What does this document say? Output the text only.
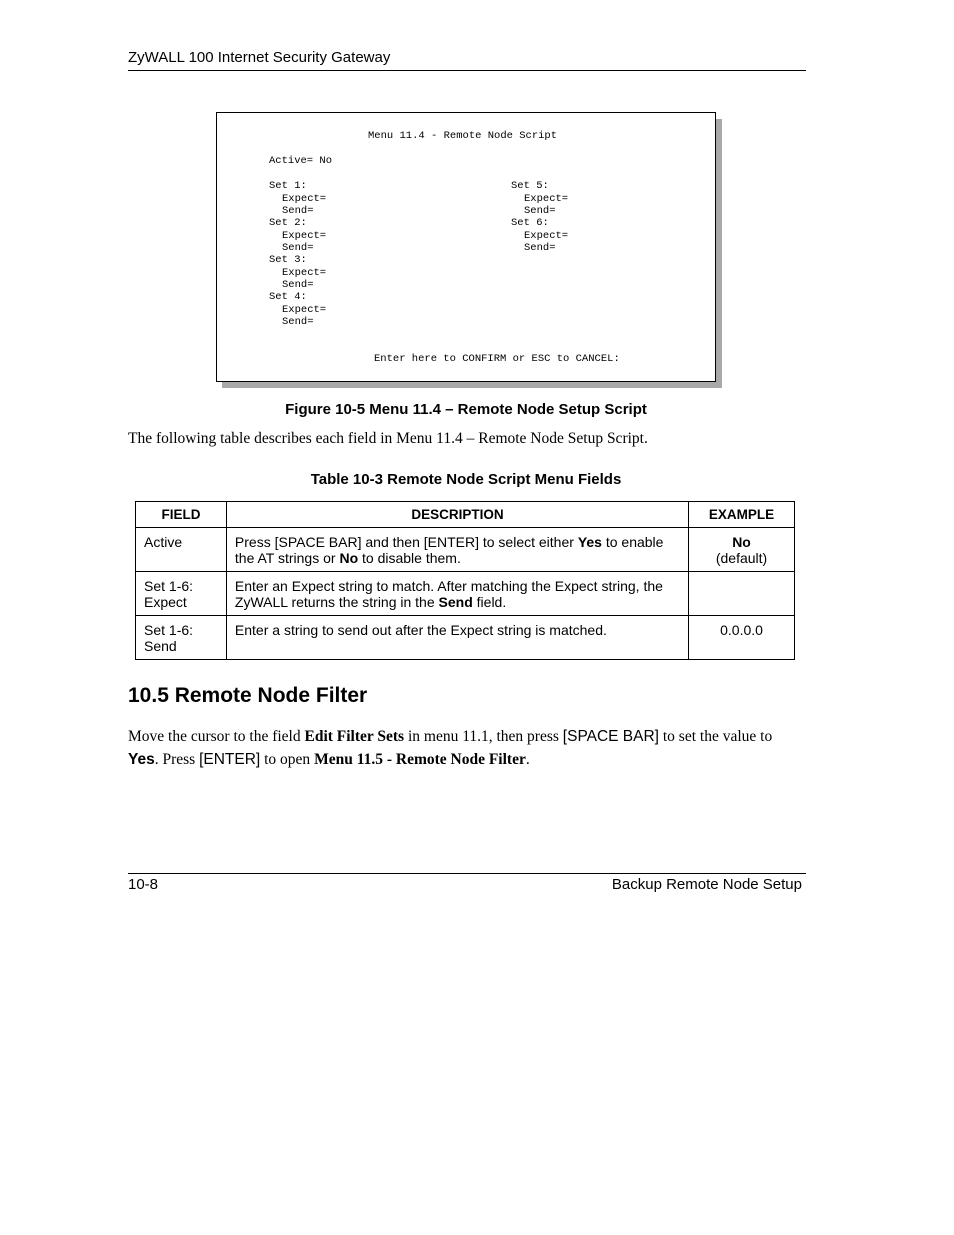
ZyWALL 100 Internet Security Gateway
Menu 11.4 - Remote Node Script
Active= No
Set 1:
Expect=
Send=
Set 2:
Expect=
Send=
Set 3:
Expect=
Send=
Set 4:
Expect=
Send=
Set 5:
Expect=
Send=
Set 6:
Expect=
Send=
Enter here to CONFIRM or ESC to CANCEL:
Figure 10-5 Menu 11.4 – Remote Node Setup Script
The following table describes each field in Menu 11.4 – Remote Node Setup Script.
Table 10-3 Remote Node Script Menu Fields
FIELD	DESCRIPTION	EXAMPLE
Active	Press [SPACE BAR] and then [ENTER] to select either Yes to enable the AT strings or No to disable them.	No
(default)
Set 1-6:
Expect	Enter an Expect string to match. After matching the Expect string, the ZyWALL returns the string in the Send field.	
Set 1-6:
Send	Enter a string to send out after the Expect string is matched.	0.0.0.0
10.5 Remote Node Filter
Move the cursor to the field Edit Filter Sets in menu 11.1, then press [SPACE BAR] to set the value to Yes. Press [ENTER] to open Menu 11.5 - Remote Node Filter.
10-8	Backup Remote Node Setup
